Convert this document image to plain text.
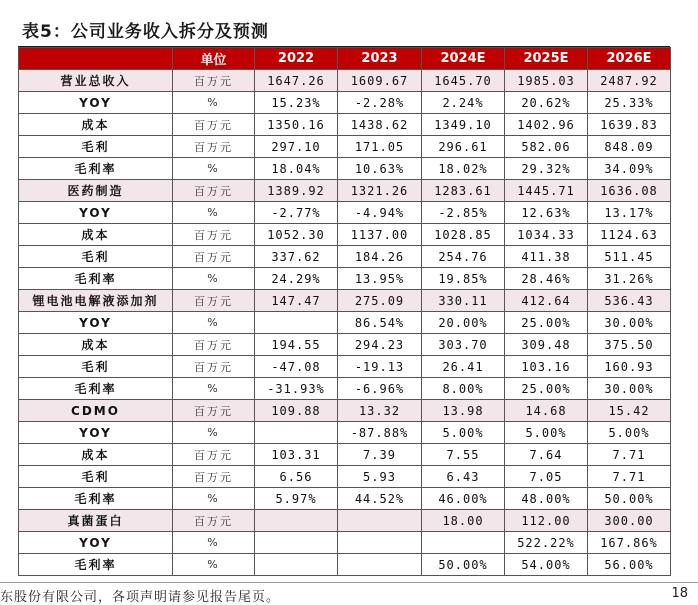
表5：公司业务收入拆分及预测
	单位	2022	2023	2024E	2025E	2026E
营业总收入	百万元	1647.26	1609.67	1645.70	1985.03	2487.92
YOY	%	15.23%	-2.28%	2.24%	20.62%	25.33%
成本	百万元	1350.16	1438.62	1349.10	1402.96	1639.83
毛利	百万元	297.10	171.05	296.61	582.06	848.09
毛利率	%	18.04%	10.63%	18.02%	29.32%	34.09%
医药制造	百万元	1389.92	1321.26	1283.61	1445.71	1636.08
YOY	%	-2.77%	-4.94%	-2.85%	12.63%	13.17%
成本	百万元	1052.30	1137.00	1028.85	1034.33	1124.63
毛利	百万元	337.62	184.26	254.76	411.38	511.45
毛利率	%	24.29%	13.95%	19.85%	28.46%	31.26%
锂电池电解液添加剂	百万元	147.47	275.09	330.11	412.64	536.43
YOY	%		86.54%	20.00%	25.00%	30.00%
成本	百万元	194.55	294.23	303.70	309.48	375.50
毛利	百万元	-47.08	-19.13	26.41	103.16	160.93
毛利率	%	-31.93%	-6.96%	8.00%	25.00%	30.00%
CDMO	百万元	109.88	13.32	13.98	14.68	15.42
YOY	%		-87.88%	5.00%	5.00%	5.00%
成本	百万元	103.31	7.39	7.55	7.64	7.71
毛利	百万元	6.56	5.93	6.43	7.05	7.71
毛利率	%	5.97%	44.52%	46.00%	48.00%	50.00%
真菌蛋白	百万元			18.00	112.00	300.00
YOY	%				522.22%	167.86%
毛利率	%			50.00%	54.00%	56.00%
东股份有限公司，各项声明请参见报告尾页。	18
